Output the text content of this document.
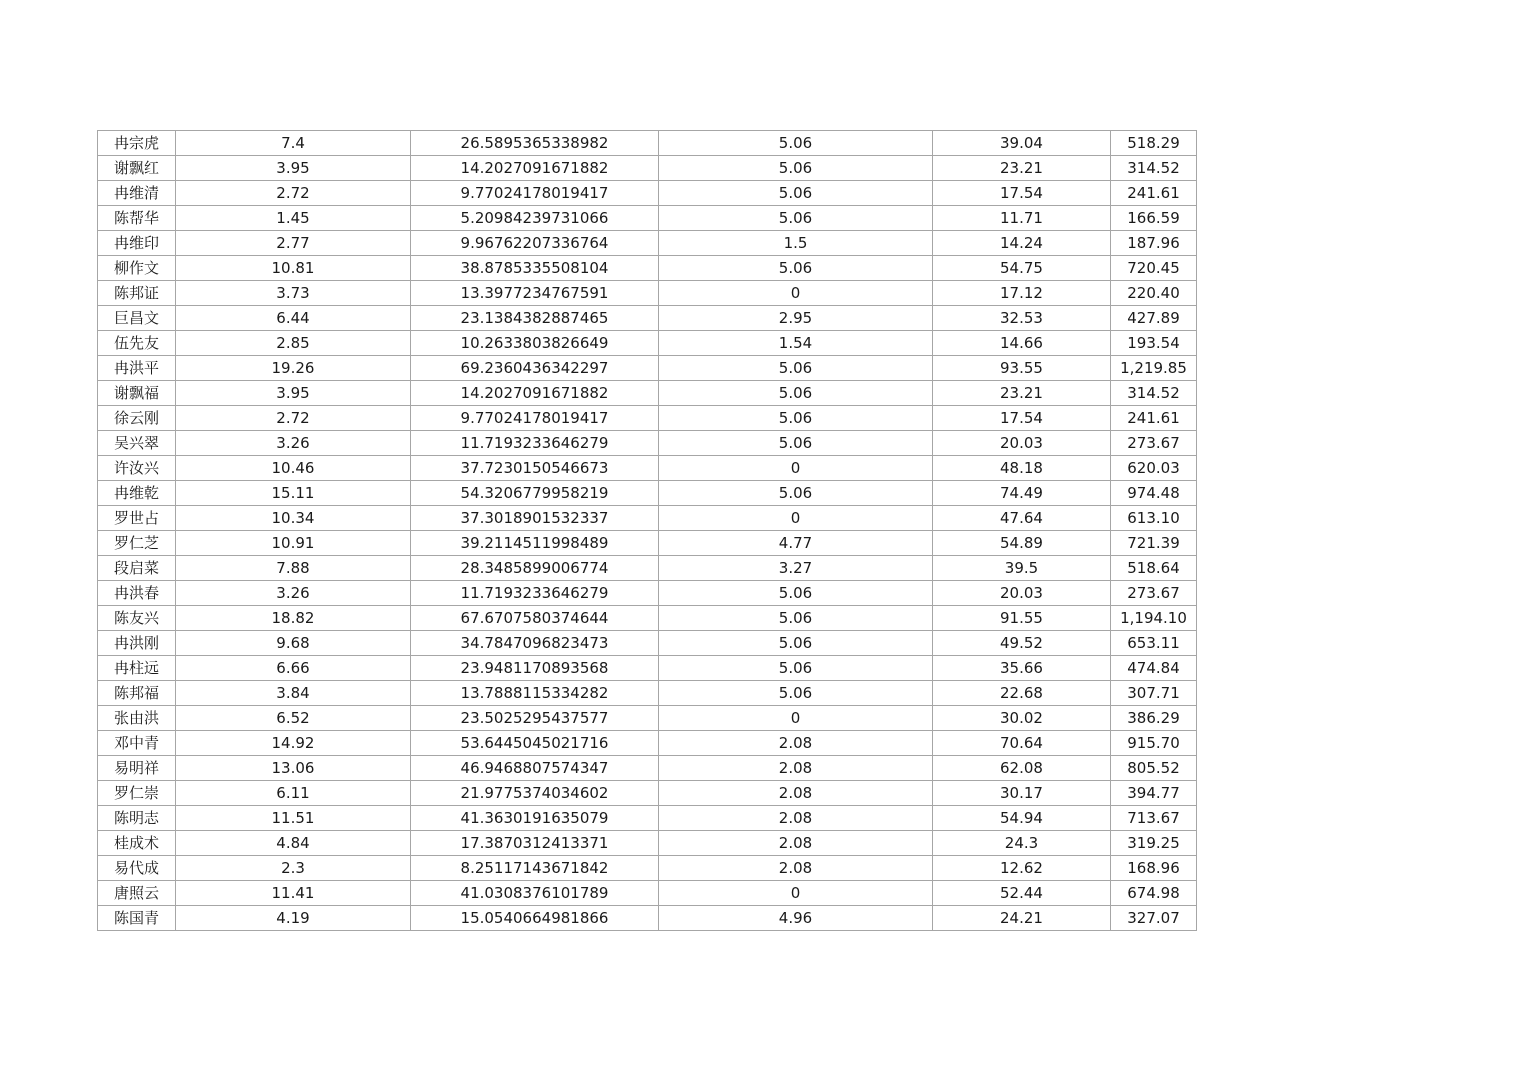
冉宗虎	7.4	26.5895365338982	5.06	39.04	518.29
谢飘红	3.95	14.2027091671882	5.06	23.21	314.52
冉维清	2.72	9.77024178019417	5.06	17.54	241.61
陈帮华	1.45	5.20984239731066	5.06	11.71	166.59
冉维印	2.77	9.96762207336764	1.5	14.24	187.96
柳作文	10.81	38.8785335508104	5.06	54.75	720.45
陈邦证	3.73	13.3977234767591	0	17.12	220.40
巨昌文	6.44	23.1384382887465	2.95	32.53	427.89
伍先友	2.85	10.2633803826649	1.54	14.66	193.54
冉洪平	19.26	69.2360436342297	5.06	93.55	1,219.85
谢飘福	3.95	14.2027091671882	5.06	23.21	314.52
徐云刚	2.72	9.77024178019417	5.06	17.54	241.61
吴兴翠	3.26	11.7193233646279	5.06	20.03	273.67
许汝兴	10.46	37.7230150546673	0	48.18	620.03
冉维乾	15.11	54.3206779958219	5.06	74.49	974.48
罗世占	10.34	37.3018901532337	0	47.64	613.10
罗仁芝	10.91	39.2114511998489	4.77	54.89	721.39
段启菜	7.88	28.3485899006774	3.27	39.5	518.64
冉洪春	3.26	11.7193233646279	5.06	20.03	273.67
陈友兴	18.82	67.6707580374644	5.06	91.55	1,194.10
冉洪刚	9.68	34.7847096823473	5.06	49.52	653.11
冉柱远	6.66	23.9481170893568	5.06	35.66	474.84
陈邦福	3.84	13.7888115334282	5.06	22.68	307.71
张由洪	6.52	23.5025295437577	0	30.02	386.29
邓中青	14.92	53.6445045021716	2.08	70.64	915.70
易明祥	13.06	46.9468807574347	2.08	62.08	805.52
罗仁崇	6.11	21.9775374034602	2.08	30.17	394.77
陈明志	11.51	41.3630191635079	2.08	54.94	713.67
桂成术	4.84	17.3870312413371	2.08	24.3	319.25
易代成	2.3	8.25117143671842	2.08	12.62	168.96
唐照云	11.41	41.0308376101789	0	52.44	674.98
陈国青	4.19	15.0540664981866	4.96	24.21	327.07
